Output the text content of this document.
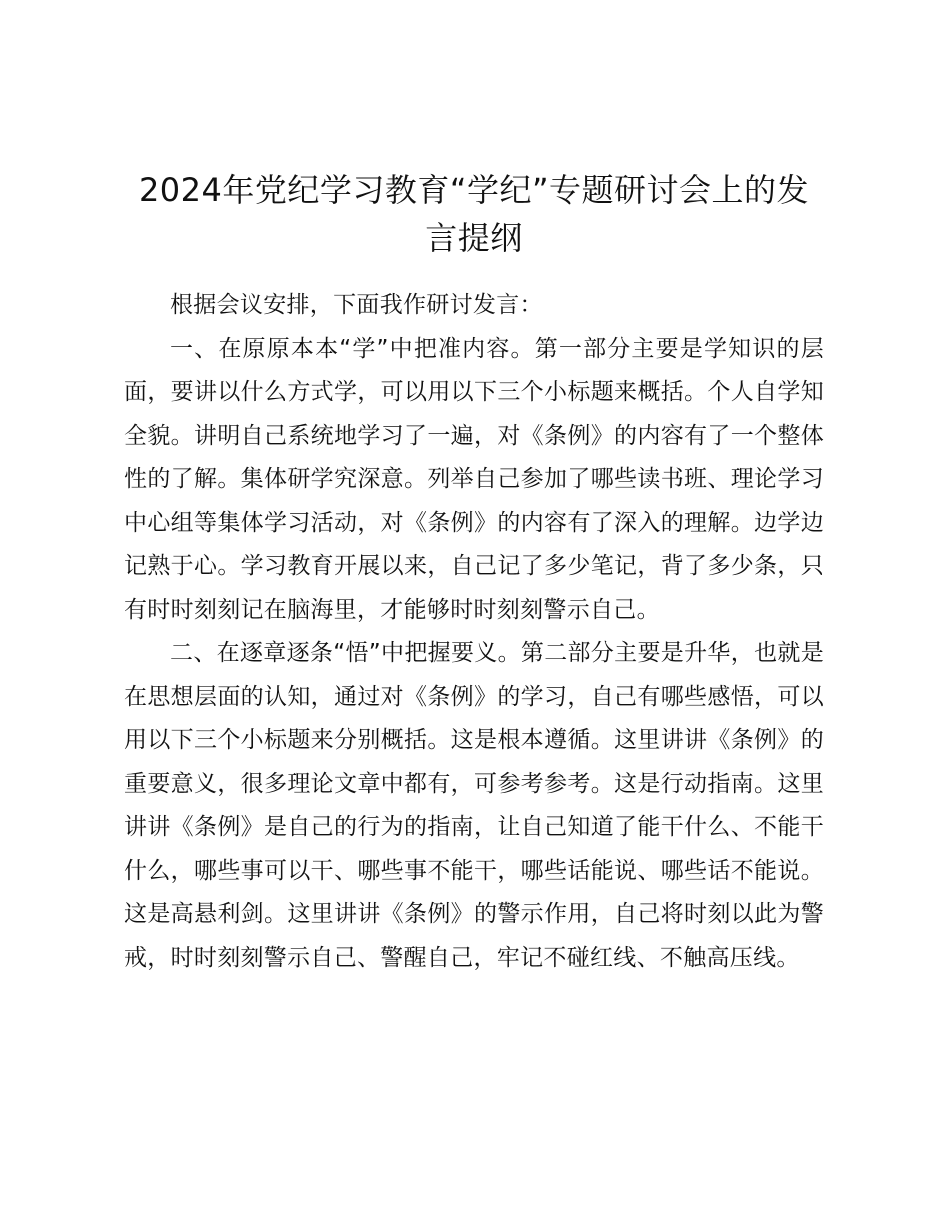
2024年党纪学习教育“学纪”专题研讨会上的发言提纲

根据会议安排，下面我作研讨发言：

一、在原原本本“学”中把准内容。第一部分主要是学知识的层面，要讲以什么方式学，可以用以下三个小标题来概括。个人自学知全貌。讲明自己系统地学习了一遍，对《条例》的内容有了一个整体性的了解。集体研学究深意。列举自己参加了哪些读书班、理论学习中心组等集体学习活动，对《条例》的内容有了深入的理解。边学边记熟于心。学习教育开展以来，自己记了多少笔记，背了多少条，只有时时刻刻记在脑海里，才能够时时刻刻警示自己。

二、在逐章逐条“悟”中把握要义。第二部分主要是升华，也就是在思想层面的认知，通过对《条例》的学习，自己有哪些感悟，可以用以下三个小标题来分别概括。这是根本遵循。这里讲讲《条例》的重要意义，很多理论文章中都有，可参考参考。这是行动指南。这里讲讲《条例》是自己的行为的指南，让自己知道了能干什么、不能干什么，哪些事可以干、哪些事不能干，哪些话能说、哪些话不能说。这是高悬利剑。这里讲讲《条例》的警示作用，自己将时刻以此为警戒，时时刻刻警示自己、警醒自己，牢记不碰红线、不触高压线。
